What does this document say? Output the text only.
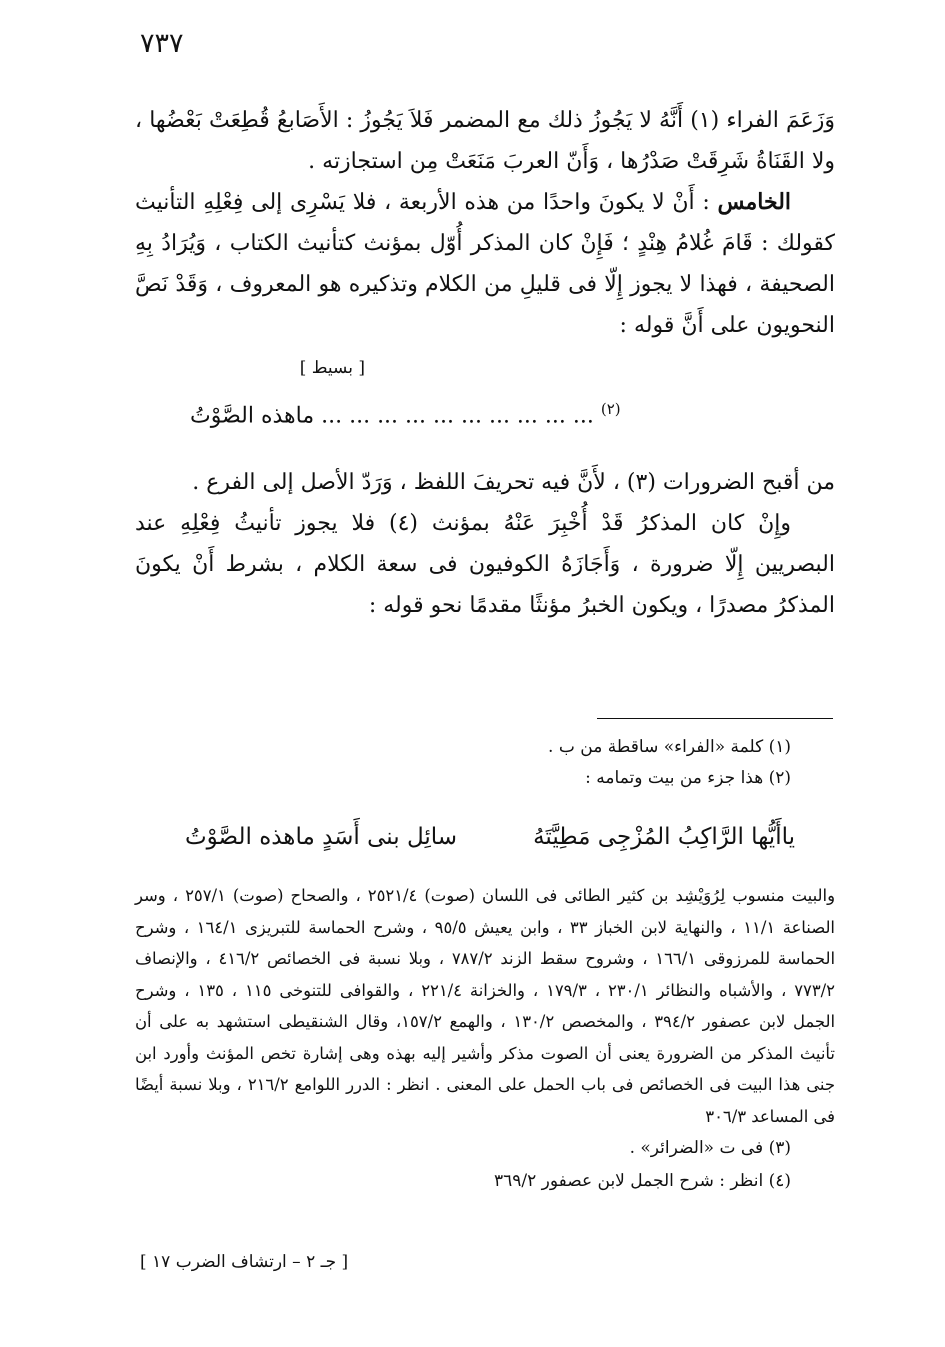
٧٣٧

وَزَعَمَ الفراء (١) أَنَّهُ لا يَجُوزُ ذلك مع المضمر فَلاَ يَجُوزُ : الأَصَابعُ قُطِعَتْ بَعْضُها ، ولا القَنَاةُ شَرِقَتْ صَدْرُها ، وَأَنّ العربَ مَنَعَتْ مِن استجازته .

الخامس : أَنْ لا يكونَ واحدًا من هذه الأربعة ، فلا يَسْرِى إلى فِعْلِهِ التأنيث كقولك : قَامَ غُلامُ هِنْدٍ ؛ فَإِنْ كان المذكر أُوّل بمؤنث كتأنيث الكتاب ، وَيُرَادُ بِهِ الصحيفة ، فهذا لا يجوز إِلّا فى قليلِ من الكلام وتذكيره هو المعروف ، وَقَدْ نَصَّ النحويون على أَنَّ قوله :

[ بسيط ]
$^{(٢)}$ ... ... ... ... ... ... ... ... ... ... ماهذه الصَّوْتُ

من أقبح الضرورات (٣) ، لأَنَّ فيه تحريفَ اللفظ ، وَرَدّ الأصل إلى الفرع .

وإِنْ كان المذكرُ قَدْ أُخْبِرَ عَنْهُ بمؤنث (٤) فلا يجوز تأنيثُ فِعْلِهِ عند البصريين إِلّا ضرورة ، وَأَجَازَهُ الكوفيون فى سعة الكلام ، بشرط أَنْ يكونَ المذكرُ مصدرًا ، ويكون الخبرُ مؤنثًا مقدمًا نحو قوله :

(١) كلمة «الفراء» ساقطة من ب .

(٢) هذا جزء من بيت وتمامه :

ياأَيُّها الرَّاكِبُ المُزْجِى مَطِيَّتَهُ
سائِل بنى أَسَدٍ ماهذه الصَّوْتُ

والبيت منسوب لِرُوَيْشِد بن كثير الطائى فى اللسان (صوت) ٢٥٢١/٤ ، والصحاح (صوت) ٢٥٧/١ ، وسر الصناعة ١١/١ ، والنهاية لابن الخباز ٣٣ ، وابن يعيش ٩٥/٥ ، وشرح الحماسة للتبريزى ١٦٤/١ ، وشرح الحماسة للمرزوقى ١٦٦/١ ، وشروح سقط الزند ٧٨٧/٢ ، وبلا نسبة فى الخصائص ٤١٦/٢ ، والإنصاف ٧٧٣/٢ ، والأشباه والنظائر ٢٣٠/١ ، ١٧٩/٣ ، والخزانة ٢٢١/٤ ، والقوافى للتنوخى ١١٥ ، ١٣٥ ، وشرح الجمل لابن عصفور ٣٩٤/٢ ، والمخصص ١٣٠/٢ ، والهمع ١٥٧/٢، وقال الشنقيطى استشهد به على أن تأنيث المذكر من الضرورة يعنى أن الصوت مذكر وأشير إليه بهذه وهى إشارة تخص المؤنث وأورد ابن جنى هذا البيت فى الخصائص فى باب الحمل على المعنى . انظر : الدرر اللوامع ٢١٦/٢ ، وبلا نسبة أيضًا فى المساعد ٣٠٦/٣

(٣) فى ت «الضرائر» .

(٤) انظر : شرح الجمل لابن عصفور ٣٦٩/٢

[ جـ ٢ – ارتشاف الضرب ١٧ ]
